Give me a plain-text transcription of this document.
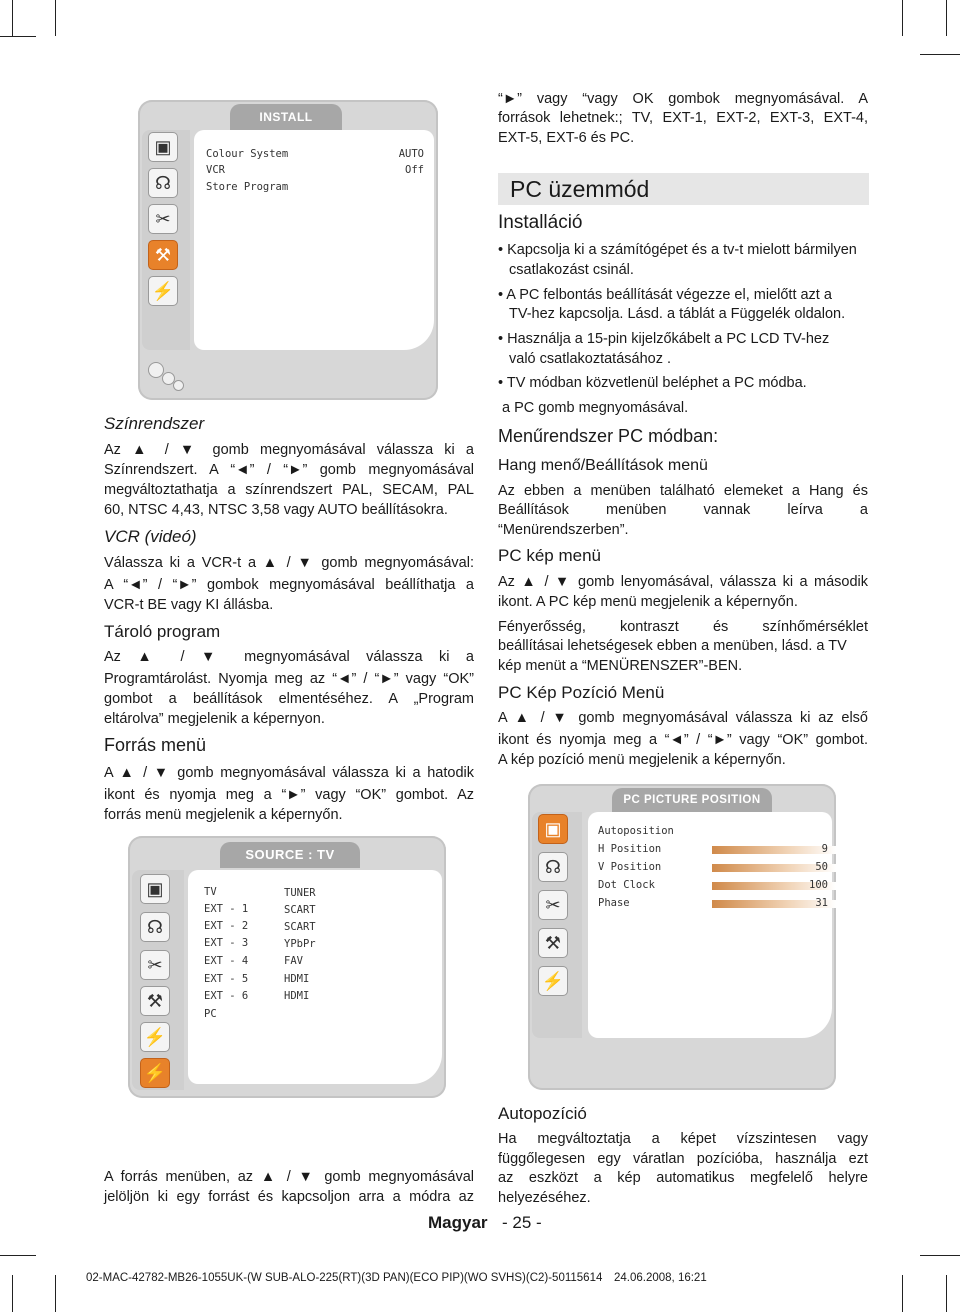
INSTALL
▣
☊
✂
⚒
⚡
Colour System	AUTO
VCR	Off
Store Program
Színrendszer
Az ▲ / ▼ gomb megnyomásával válassza ki a
Színrendszert. A “◄” / “►” gomb megnyomásával
megváltoztathatja a színrendszert PAL, SECAM, PAL
60, NTSC 4,43, NTSC 3,58 vagy AUTO beállításokra.
VCR (videó)
Válassza ki a VCR-t a ▲ / ▼ gomb megnyomásával:
A “◄” / “►” gombok megnyomásával beállíthatja a
VCR-t BE vagy KI állásba.
Tároló program
Az ▲ / ▼ megnyomásával válassza ki a
Programtárolást. Nyomja meg az “◄” / “►” vagy “OK”
gombot a beállítások elmentéséhez. A „Program
eltárolva” megjelenik a képernyon.
Forrás menü
A ▲ / ▼ gomb megnyomásával válassza ki a hatodik
ikont és nyomja meg a “►” vagy “OK” gombot. Az
forrás menü megjelenik a képernyőn.
SOURCE : TV
▣
☊
✂
⚒
⚡
⚡
TV	TUNER
EXT - 1	SCART
EXT - 2	SCART
EXT - 3	YPbPr
EXT - 4	FAV
EXT - 5	HDMI
EXT - 6	HDMI
PC
A forrás menüben, az ▲ / ▼ gomb megnyomásával
jelöljön ki egy forrást és kapcsoljon arra a módra az
“►” vagy “vagy OK gombok megnyomásával. A
források lehetnek:; TV, EXT-1, EXT-2, EXT-3, EXT-4,
EXT-5, EXT-6 és PC.
PC üzemmód
Installáció
• Kapcsolja ki a számítógépet és a tv-t mielott bármilyen
csatlakozást csinál.
• A PC felbontás beállítását végezze el, mielőtt azt a
TV-hez kapcsolja. Lásd. a táblát a Függelék oldalon.
• Használja a 15-pin kijelzőkábelt a PC LCD TV-hez
való csatlakoztatásához .
• TV módban közvetlenül beléphet a PC módba.
a PC gomb megnyomásával.
Menűrendszer PC módban:
Hang menő/Beállítások menü
Az ebben a menüben található elemeket a Hang és
Beállítások menüben vannak leírva a
“Menürendszerben”.
PC kép menü
Az ▲ / ▼ gomb lenyomásával, válassza ki a második
ikont. A PC kép menü megjelenik a képernyőn.
Fényerősség, kontraszt és színhőmérséklet
beállításai lehetségesek ebben a menüben, lásd. a TV
kép menüt a “MENÜRENSZER”-BEN.
PC Kép Pozíció Menü
A ▲ / ▼ gomb megnyomásával válassza ki az első
ikont és nyomja meg a “◄” / “►” vagy “OK” gombot.
A kép pozíció menü megjelenik a képernyőn.
PC PICTURE POSITION
▣
☊
✂
⚒
⚡
Autoposition
H Position	9
V Position	50
Dot Clock	100
Phase	31
Autopozíció
Ha megváltoztatja a képet vízszintesen vagy
függőlegesen egy váratlan pozícióba, használja ezt
az eszközt a kép automatikus megfelelő helyre
helyezéséhez.
Magyar - 25 -
02-MAC-42782-MB26-1055UK-(W SUB-ALO-225(RT)(3D PAN)(ECO PIP)(WO SVHS)(C2)-50115614 24.06.2008, 16:21
